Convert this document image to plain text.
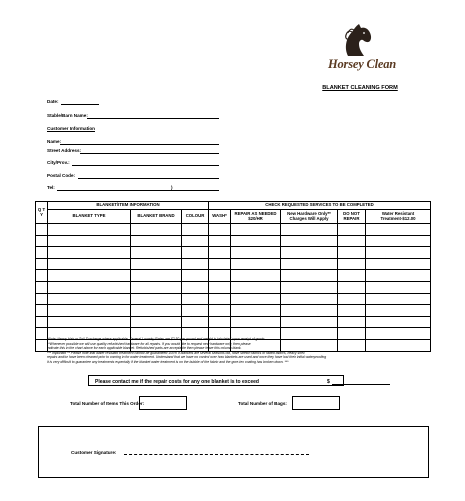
Horsey Clean
BLANKET CLEANING FORM
Date:
Stable/Barn Name:
Customer Information
Name:
Street Address:
City/Prov.:
Postal Code:
Tel:	)
Q T Y	BLANKET/ITEM INFORMATION			CHECK REQUESTED SERVICES TO BE COMPLETED				
	BLANKET TYPE	BLANKET BRAND	COLOUR	WASH*	REPAIR AS NEEDED $20/HR	New Hardware Only** Charges Will Apply	DO NOT REPAIR	Water Resistant Treatment-$12.00

*Note: Heavy Hair or Soil Surcharge where applicable. Several Laundry Rates are $2.50 per pound and weight is tabulated upon receipt of goods.

**Whenever possible we will use quality refurbished hardware for all repairs. If you would like to request new hardware only, then please

indicate this in the chart above for each applicable blanket. Refurbished parts are acceptable then please leave this column blank.

*** Important ** Please note that water resistant treatment cannot be guaranteed 100% if blankets are several seasons old, have stretch fabrics or faded fabrics, heavy shell

repairs and/or have been cleaned prior to coming in for water treatment. Understand that we have no control over how blankets are used and once they have lost their initial waterproofing

it is very difficult to guarantee any treatments especially if the blanket water treatment is on the bubble of the fabric and the gore-tex coating has broken down. ***

Please contact me if the repair costs for any one blanket is to exceed	$
Total Number of Items This Order:	Total Number of Bags:
Customer Signature:
